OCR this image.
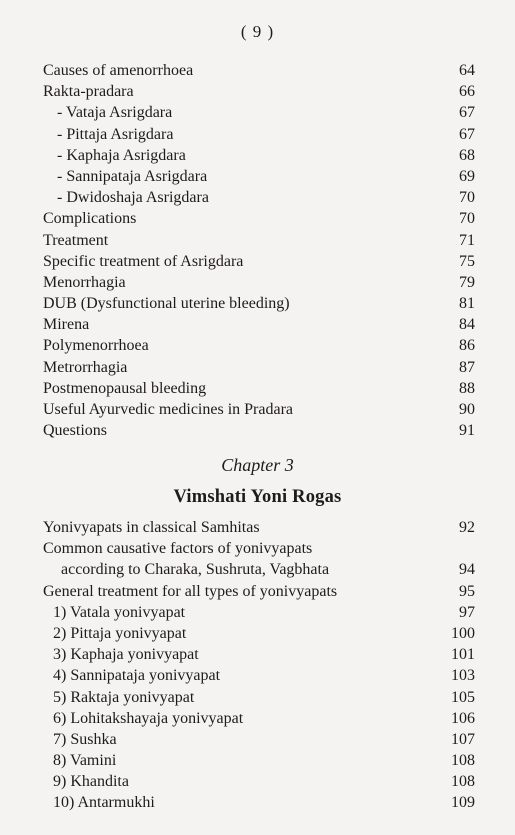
( 9 )
Causes of amenorrhoea	64
Rakta-pradara	66
- Vataja Asrigdara	67
- Pittaja Asrigdara	67
- Kaphaja Asrigdara	68
- Sannipataja Asrigdara	69
- Dwidoshaja Asrigdara	70
Complications	70
Treatment	71
Specific treatment of Asrigdara	75
Menorrhagia	79
DUB (Dysfunctional uterine bleeding)	81
Mirena	84
Polymenorrhoea	86
Metrorrhagia	87
Postmenopausal bleeding	88
Useful Ayurvedic medicines in Pradara	90
Questions	91
Chapter 3
Vimshati Yoni Rogas
Yonivyapats in classical Samhitas	92
Common causative factors of yonivyapats
according to Charaka, Sushruta, Vagbhata	94
General treatment for all types of yonivyapats	95
1) Vatala yonivyapat	97
2) Pittaja yonivyapat	100
3) Kaphaja yonivyapat	101
4) Sannipataja yonivyapat	103
5) Raktaja yonivyapat	105
6) Lohitakshayaja yonivyapat	106
7) Sushka	107
8) Vamini	108
9) Khandita	108
10) Antarmukhi	109
